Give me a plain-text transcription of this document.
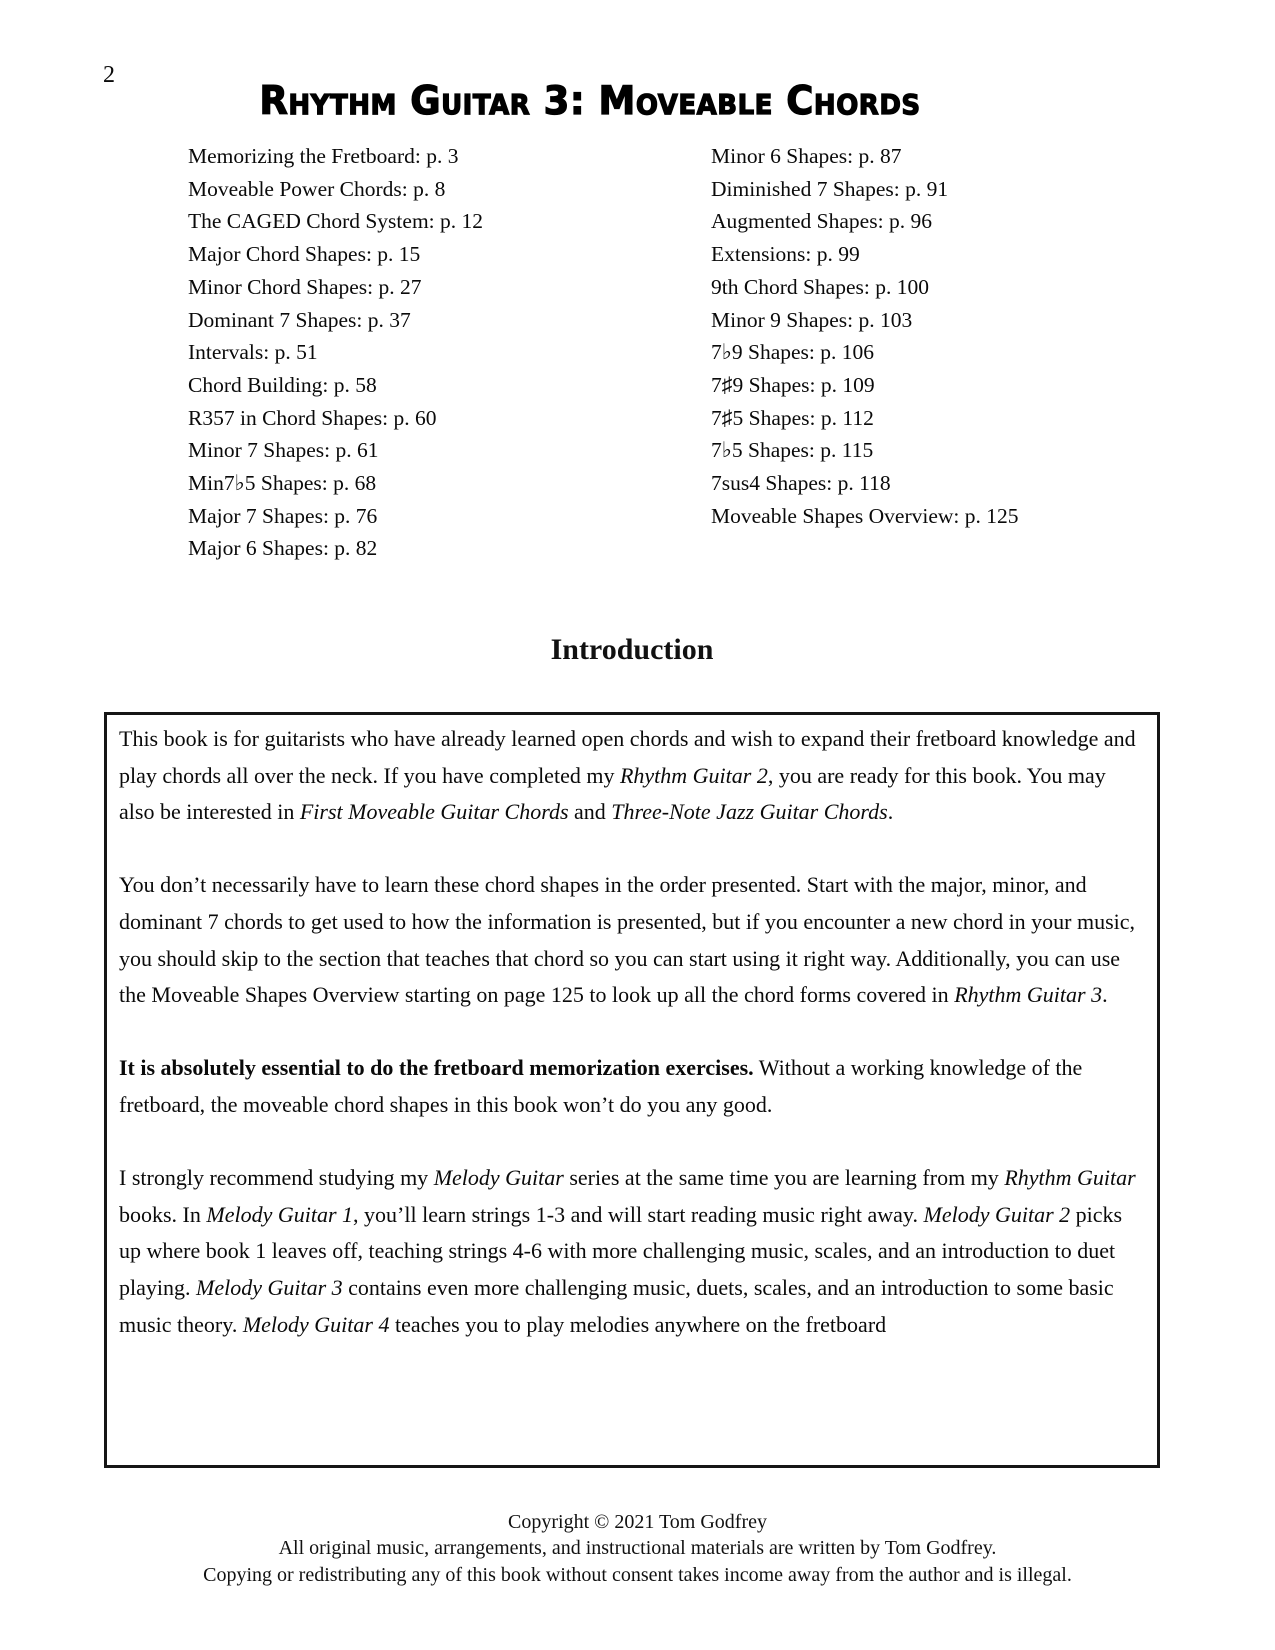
2
Rhythm Guitar 3: Moveable Chords
Memorizing the Fretboard: p. 3
Moveable Power Chords: p. 8
The CAGED Chord System: p. 12
Major Chord Shapes: p. 15
Minor Chord Shapes: p. 27
Dominant 7 Shapes: p. 37
Intervals: p. 51
Chord Building: p. 58
R357 in Chord Shapes: p. 60
Minor 7 Shapes: p. 61
Min7♭5 Shapes: p. 68
Major 7 Shapes: p. 76
Major 6 Shapes: p. 82
Minor 6 Shapes: p. 87
Diminished 7 Shapes: p. 91
Augmented Shapes: p. 96
Extensions: p. 99
9th Chord Shapes: p. 100
Minor 9 Shapes: p. 103
7♭9 Shapes: p. 106
7♯9 Shapes: p. 109
7♯5 Shapes: p. 112
7♭5 Shapes: p. 115
7sus4 Shapes: p. 118
Moveable Shapes Overview: p. 125
Introduction
This book is for guitarists who have already learned open chords and wish to expand their fretboard knowledge and play chords all over the neck. If you have completed my Rhythm Guitar 2, you are ready for this book. You may also be interested in First Moveable Guitar Chords and Three-Note Jazz Guitar Chords.
You don’t necessarily have to learn these chord shapes in the order presented. Start with the major, minor, and dominant 7 chords to get used to how the information is presented, but if you encounter a new chord in your music, you should skip to the section that teaches that chord so you can start using it right way. Additionally, you can use the Moveable Shapes Overview starting on page 125 to look up all the chord forms covered in Rhythm Guitar 3.
It is absolutely essential to do the fretboard memorization exercises. Without a working knowledge of the fretboard, the moveable chord shapes in this book won’t do you any good.
I strongly recommend studying my Melody Guitar series at the same time you are learning from my Rhythm Guitar books. In Melody Guitar 1, you’ll learn strings 1-3 and will start reading music right away. Melody Guitar 2 picks up where book 1 leaves off, teaching strings 4-6 with more challenging music, scales, and an introduction to duet playing. Melody Guitar 3 contains even more challenging music, duets, scales, and an introduction to some basic music theory. Melody Guitar 4 teaches you to play melodies anywhere on the fretboard
Copyright © 2021 Tom Godfrey
All original music, arrangements, and instructional materials are written by Tom Godfrey.
Copying or redistributing any of this book without consent takes income away from the author and is illegal.
